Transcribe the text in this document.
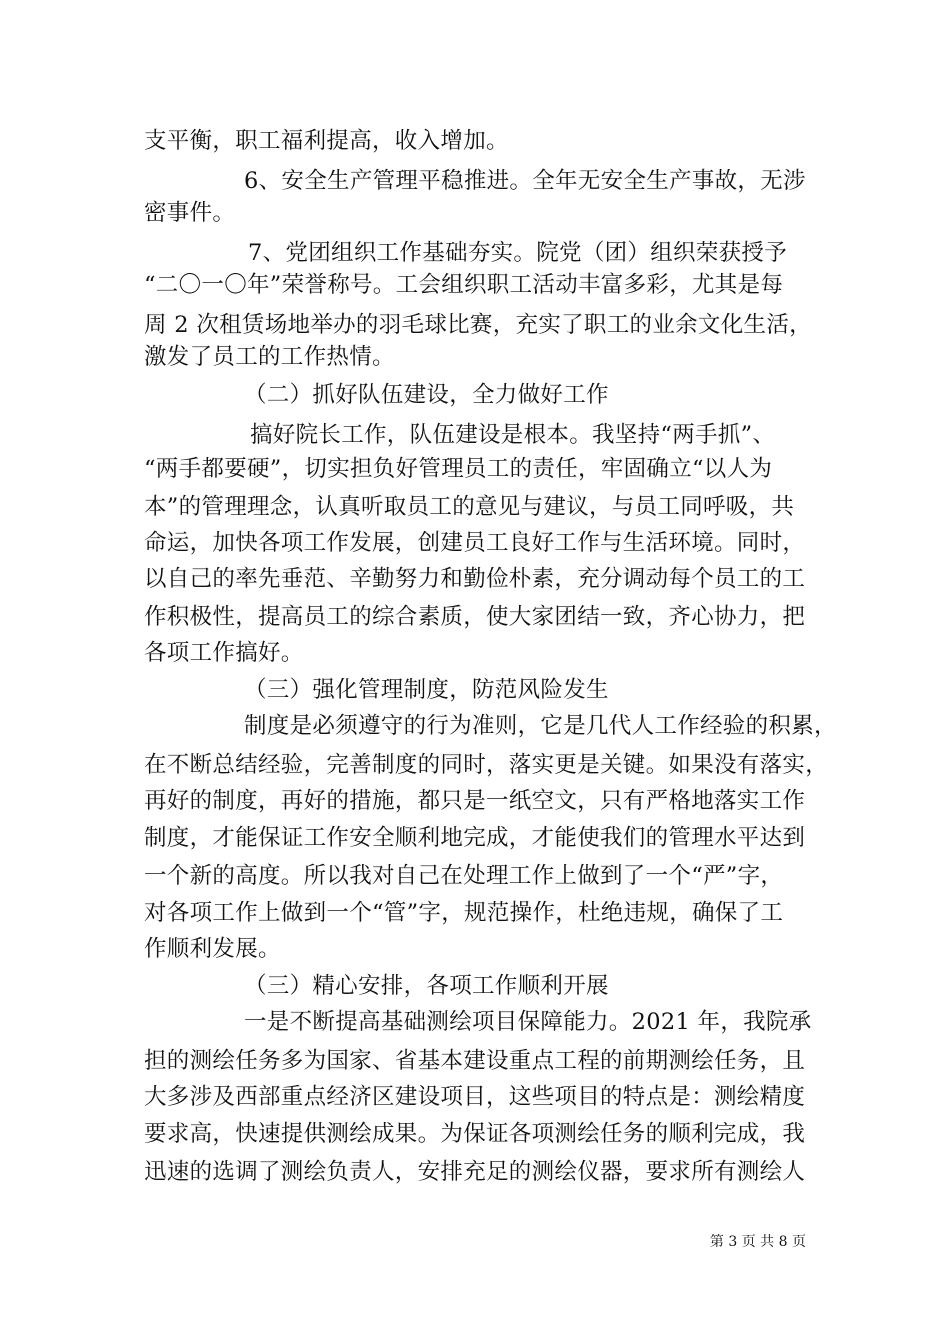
支平衡，职工福利提高，收入增加。
6、安全生产管理平稳推进。全年无安全生产事故，无涉
密事件。
7、党团组织工作基础夯实。院党（团）组织荣获授予
“二〇一〇年”荣誉称号。工会组织职工活动丰富多彩，尤其是每
周 2 次租赁场地举办的羽毛球比赛，充实了职工的业余文化生活，
激发了员工的工作热情。
（二）抓好队伍建设，全力做好工作
搞好院长工作，队伍建设是根本。我坚持“两手抓”、
“两手都要硬”，切实担负好管理员工的责任，牢固确立“以人为
本”的管理理念，认真听取员工的意见与建议，与员工同呼吸，共
命运，加快各项工作发展，创建员工良好工作与生活环境。同时，
以自己的率先垂范、辛勤努力和勤俭朴素，充分调动每个员工的工
作积极性，提高员工的综合素质，使大家团结一致，齐心协力，把
各项工作搞好。
（三）强化管理制度，防范风险发生
制度是必须遵守的行为准则，它是几代人工作经验的积累，
在不断总结经验，完善制度的同时，落实更是关键。如果没有落实，
再好的制度，再好的措施，都只是一纸空文，只有严格地落实工作
制度，才能保证工作安全顺利地完成，才能使我们的管理水平达到
一个新的高度。所以我对自己在处理工作上做到了一个“严”字，
对各项工作上做到一个“管”字，规范操作，杜绝违规，确保了工
作顺利发展。
（三）精心安排，各项工作顺利开展
一是不断提高基础测绘项目保障能力。2021 年，我院承
担的测绘任务多为国家、省基本建设重点工程的前期测绘任务，且
大多涉及西部重点经济区建设项目，这些项目的特点是：测绘精度
要求高，快速提供测绘成果。为保证各项测绘任务的顺利完成，我
迅速的选调了测绘负责人，安排充足的测绘仪器，要求所有测绘人
第 3 页 共 8 页
